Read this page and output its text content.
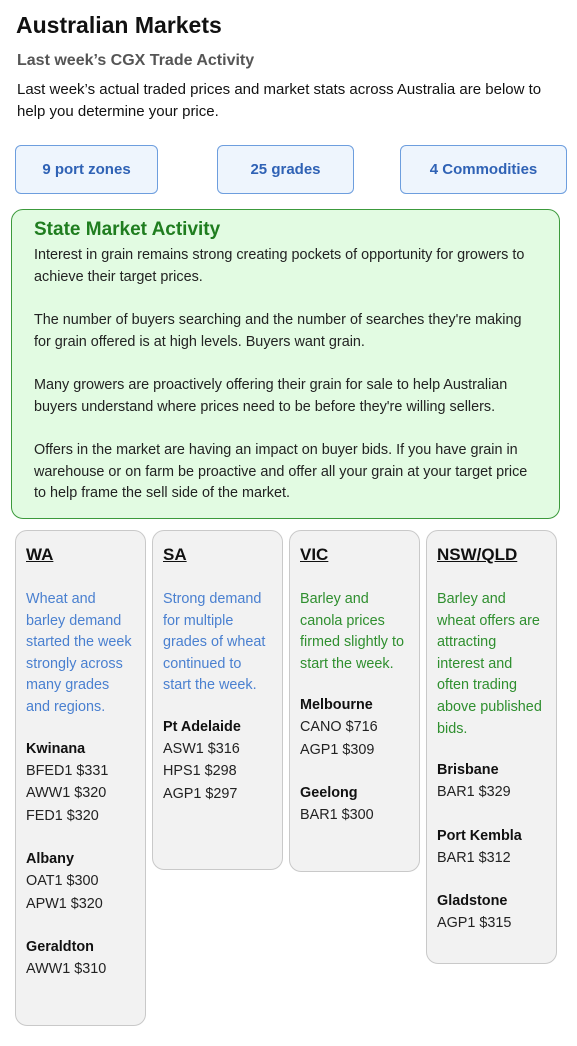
Australian Markets
Last week’s CGX Trade Activity
Last week’s actual traded prices and market stats across Australia are below to help you determine your price.
9 port zones	25 grades	4 Commodities
State Market Activity

Interest in grain remains strong creating pockets of opportunity for growers to achieve their target prices.

The number of buyers searching and the number of searches they're making for grain offered is at high levels. Buyers want grain.

Many growers are proactively offering their grain for sale to help Australian buyers understand where prices need to be before they're willing sellers.

Offers in the market are having an impact on buyer bids. If you have grain in warehouse or on farm be proactive and offer all your grain at your target price to help frame the sell side of the market.

WA
Wheat and barley demand started the week strongly across many grades and regions.
Kwinana
BFED1 $331
AWW1 $320
FED1 $320
Albany
OAT1 $300
APW1 $320
Geraldton
AWW1 $310
SA
Strong demand for multiple grades of wheat continued to start the week.
Pt Adelaide
ASW1 $316
HPS1 $298
AGP1 $297
VIC
Barley and canola prices firmed slightly to start the week.
Melbourne
CANO $716
AGP1 $309
Geelong
BAR1 $300
NSW/QLD
Barley and wheat offers are attracting interest and often trading above published bids.
Brisbane
BAR1 $329
Port Kembla
BAR1 $312
Gladstone
AGP1 $315
